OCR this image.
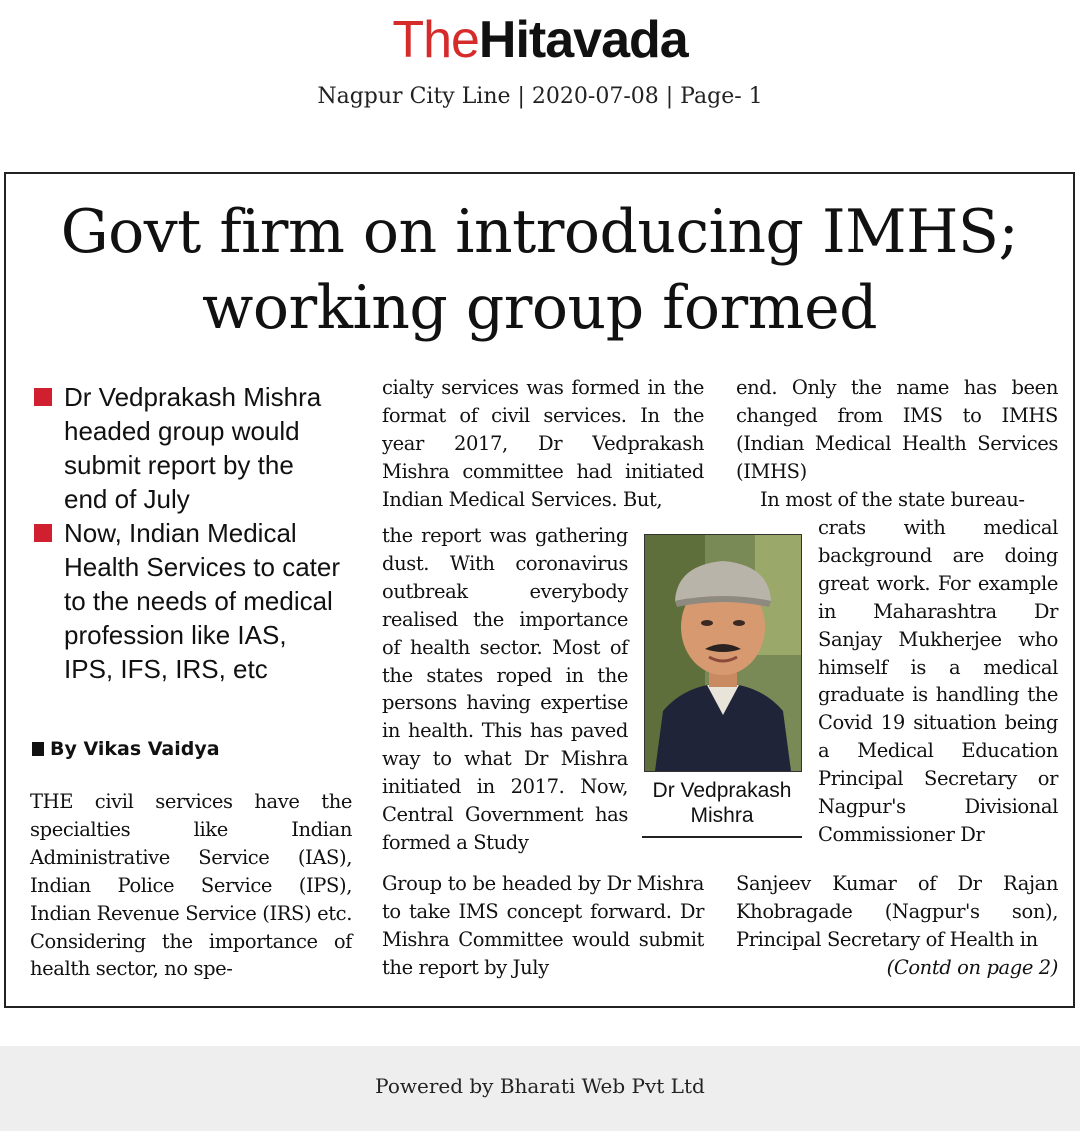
TheHitavada
Nagpur City Line | 2020-07-08 | Page- 1
Govt firm on introducing IMHS;
working group formed
Dr Vedprakash Mishra headed group would submit report by the end of July
Now, Indian Medical Health Services to cater to the needs of medical profession like IAS, IPS, IFS, IRS, etc
By Vikas Vaidya

THE civil services have the specialties like Indian Administrative Service (IAS), Indian Police Service (IPS), Indian Revenue Service (IRS) etc. Considering the importance of health sector, no spe-

cialty services was formed in the format of civil services. In the year 2017, Dr Vedprakash Mishra committee had initiated Indian Medical Services. But,

the report was gathering dust. With coronavirus outbreak everybody realised the importance of health sector. Most of the states roped in the persons having expertise in health. This has paved way to what Dr Mishra initiated in 2017. Now, Central Government has formed a Study

Group to be headed by Dr Mishra to take IMS concept forward. Dr Mishra Committee would submit the report by July

end. Only the name has been changed from IMS to IMHS (Indian Medical Health Services (IMHS)

In most of the state bureau-

crats with medical background are doing great work. For example in Maharashtra Dr Sanjay Mukherjee who himself is a medical graduate is handling the Covid 19 situation being a Medical Education Principal Secretary or Nagpur's Divisional Commissioner Dr

Sanjeev Kumar of Dr Rajan Khobragade (Nagpur's son), Principal Secretary of Health in

(Contd on page 2)

Dr Vedprakash
Mishra
Powered by Bharati Web Pvt Ltd
